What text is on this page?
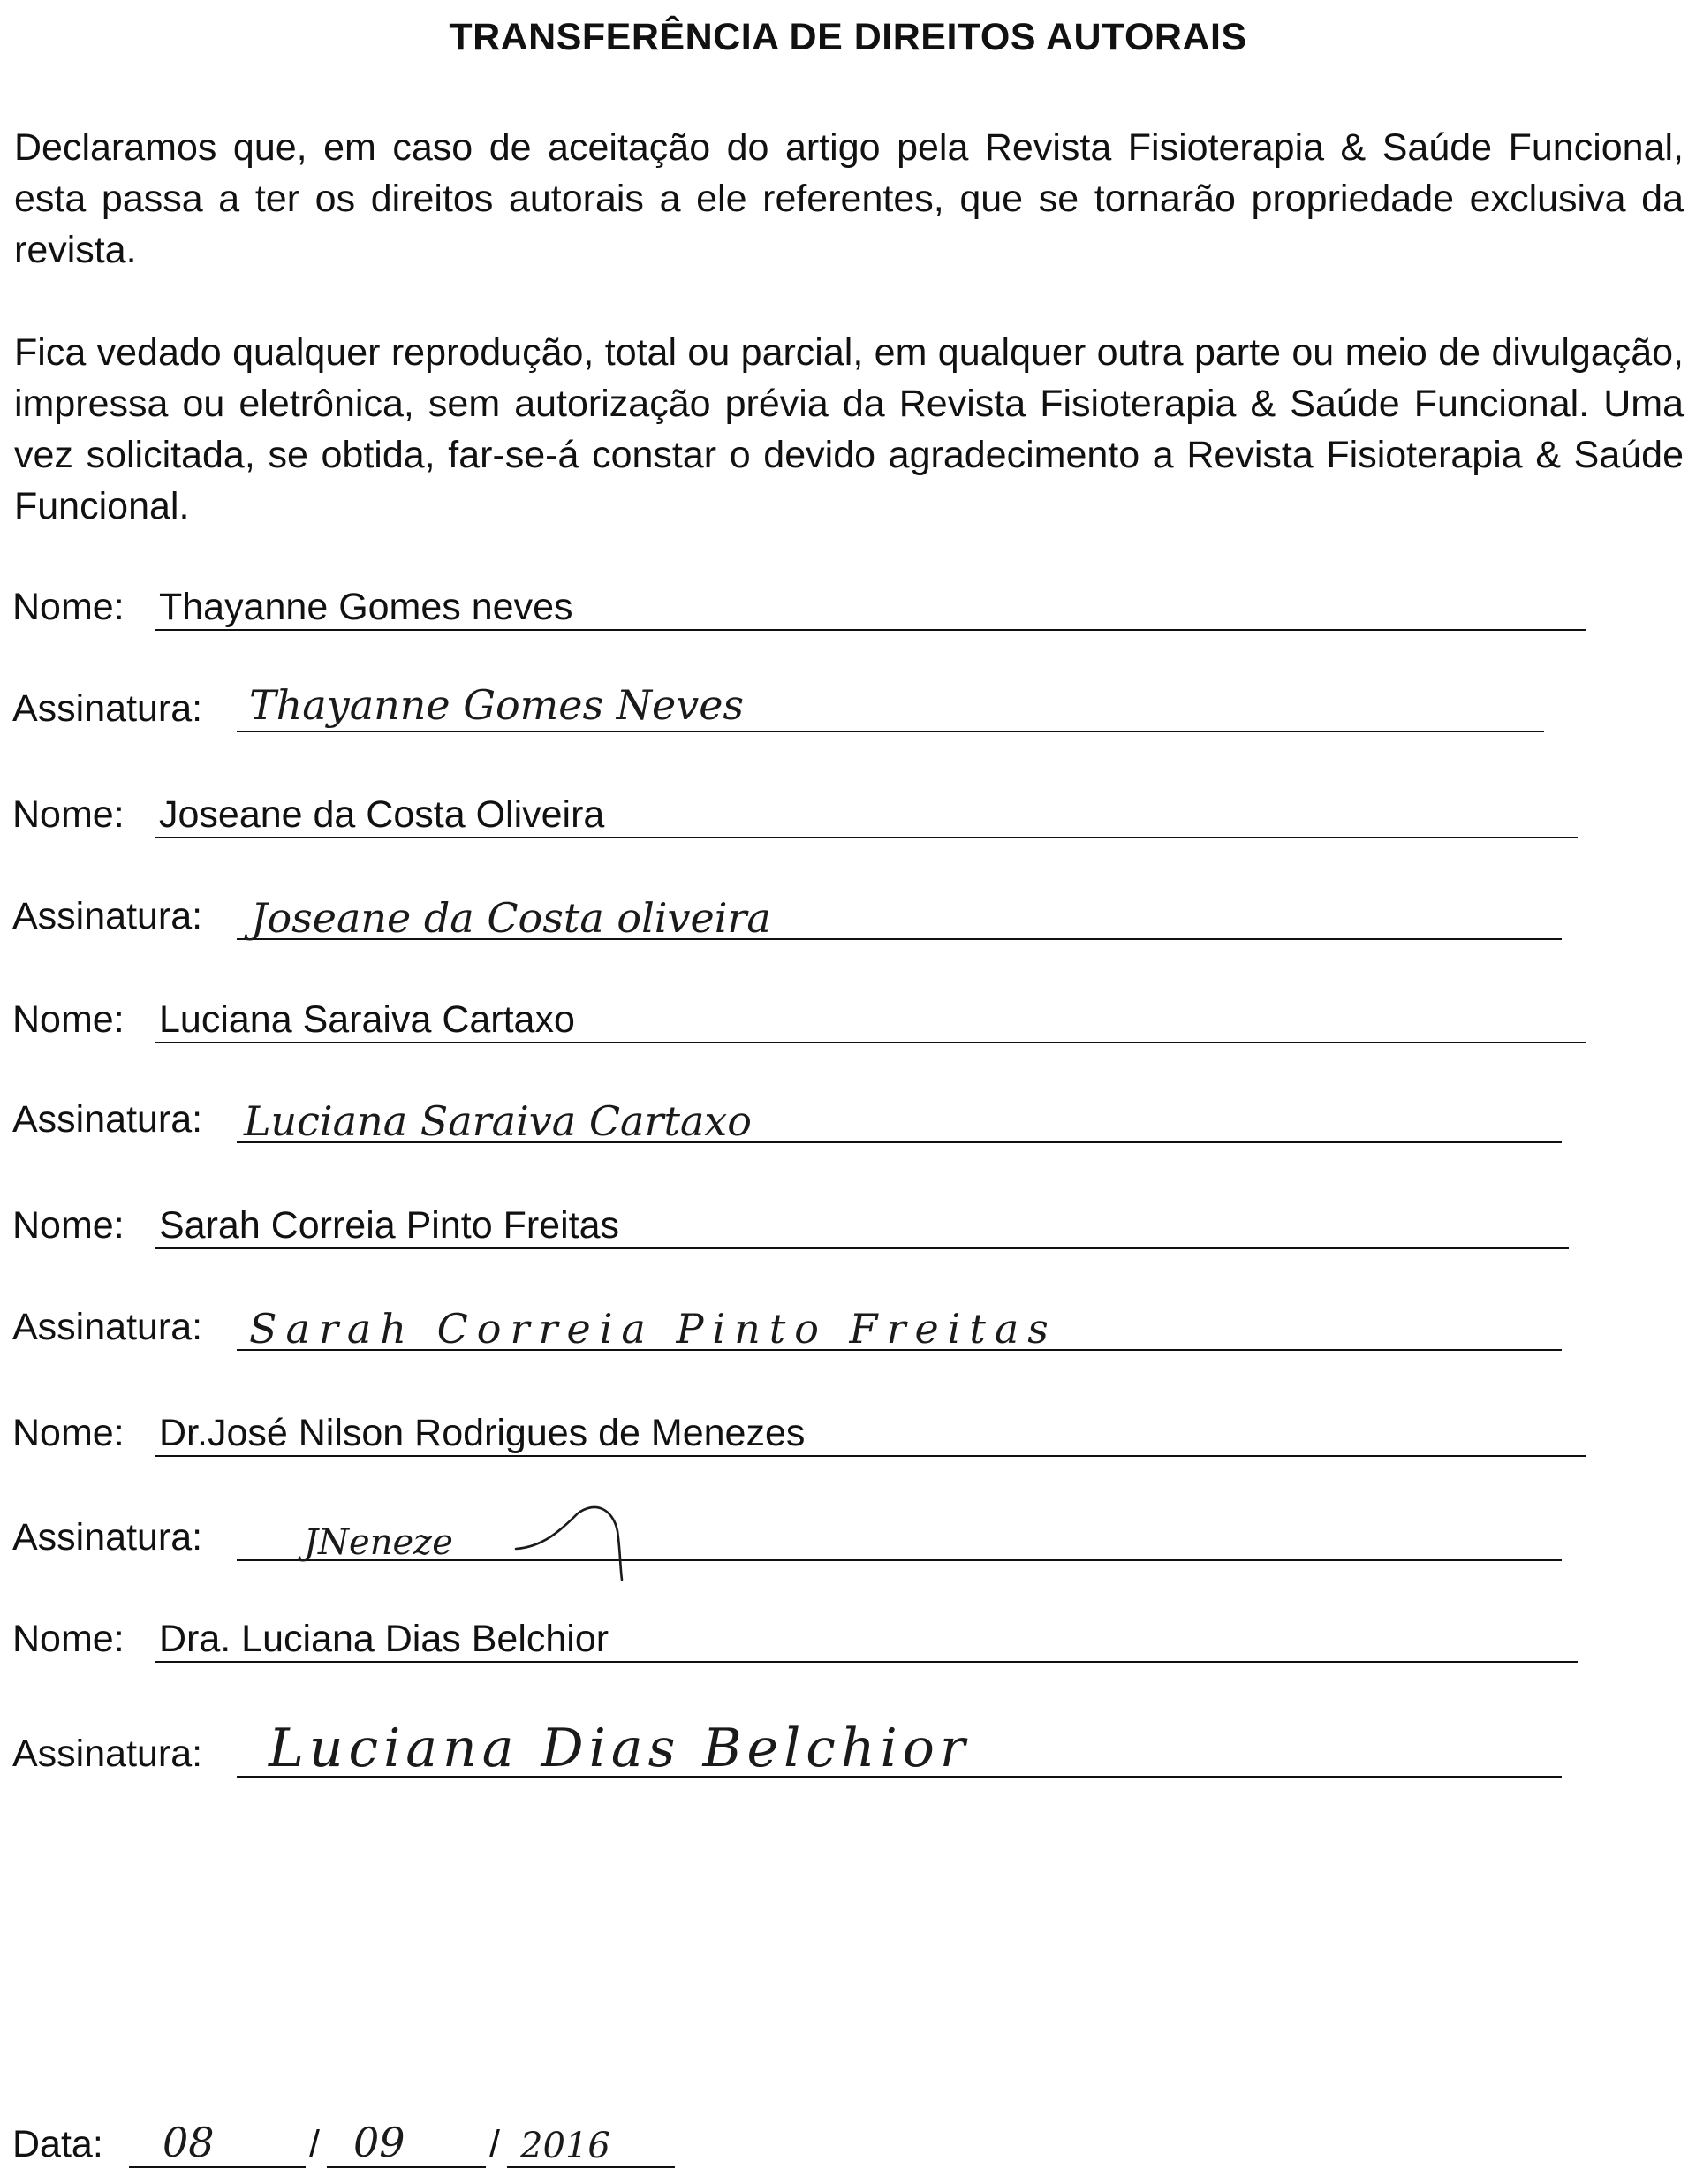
TRANSFERÊNCIA DE DIREITOS AUTORAIS
Declaramos que, em caso de aceitação do artigo pela Revista Fisioterapia & Saúde Funcional, esta passa a ter os direitos autorais a ele referentes, que se tornarão propriedade exclusiva da revista.
Fica vedado qualquer reprodução, total ou parcial, em qualquer outra parte ou meio de divulgação, impressa ou eletrônica, sem autorização prévia da Revista Fisioterapia & Saúde Funcional. Uma vez solicitada, se obtida, far-se-á constar o devido agradecimento a Revista Fisioterapia & Saúde Funcional.
Nome: Thayanne Gomes neves
Assinatura: Thayanne Gomes Neves
Nome: Joseane da Costa Oliveira
Assinatura: Joseane da Costa oliveira
Nome: Luciana Saraiva Cartaxo
Assinatura: Luciana Saraiva Cartaxo
Nome: Sarah Correia Pinto Freitas
Assinatura: Sarah Correia Pinto Freitas
Nome: Dr.José Nilson Rodrigues de Menezes
Assinatura:	JNeneze
Nome: Dra. Luciana Dias Belchior
Assinatura: Luciana Dias Belchior
Data: 08 / 09 / 2016
